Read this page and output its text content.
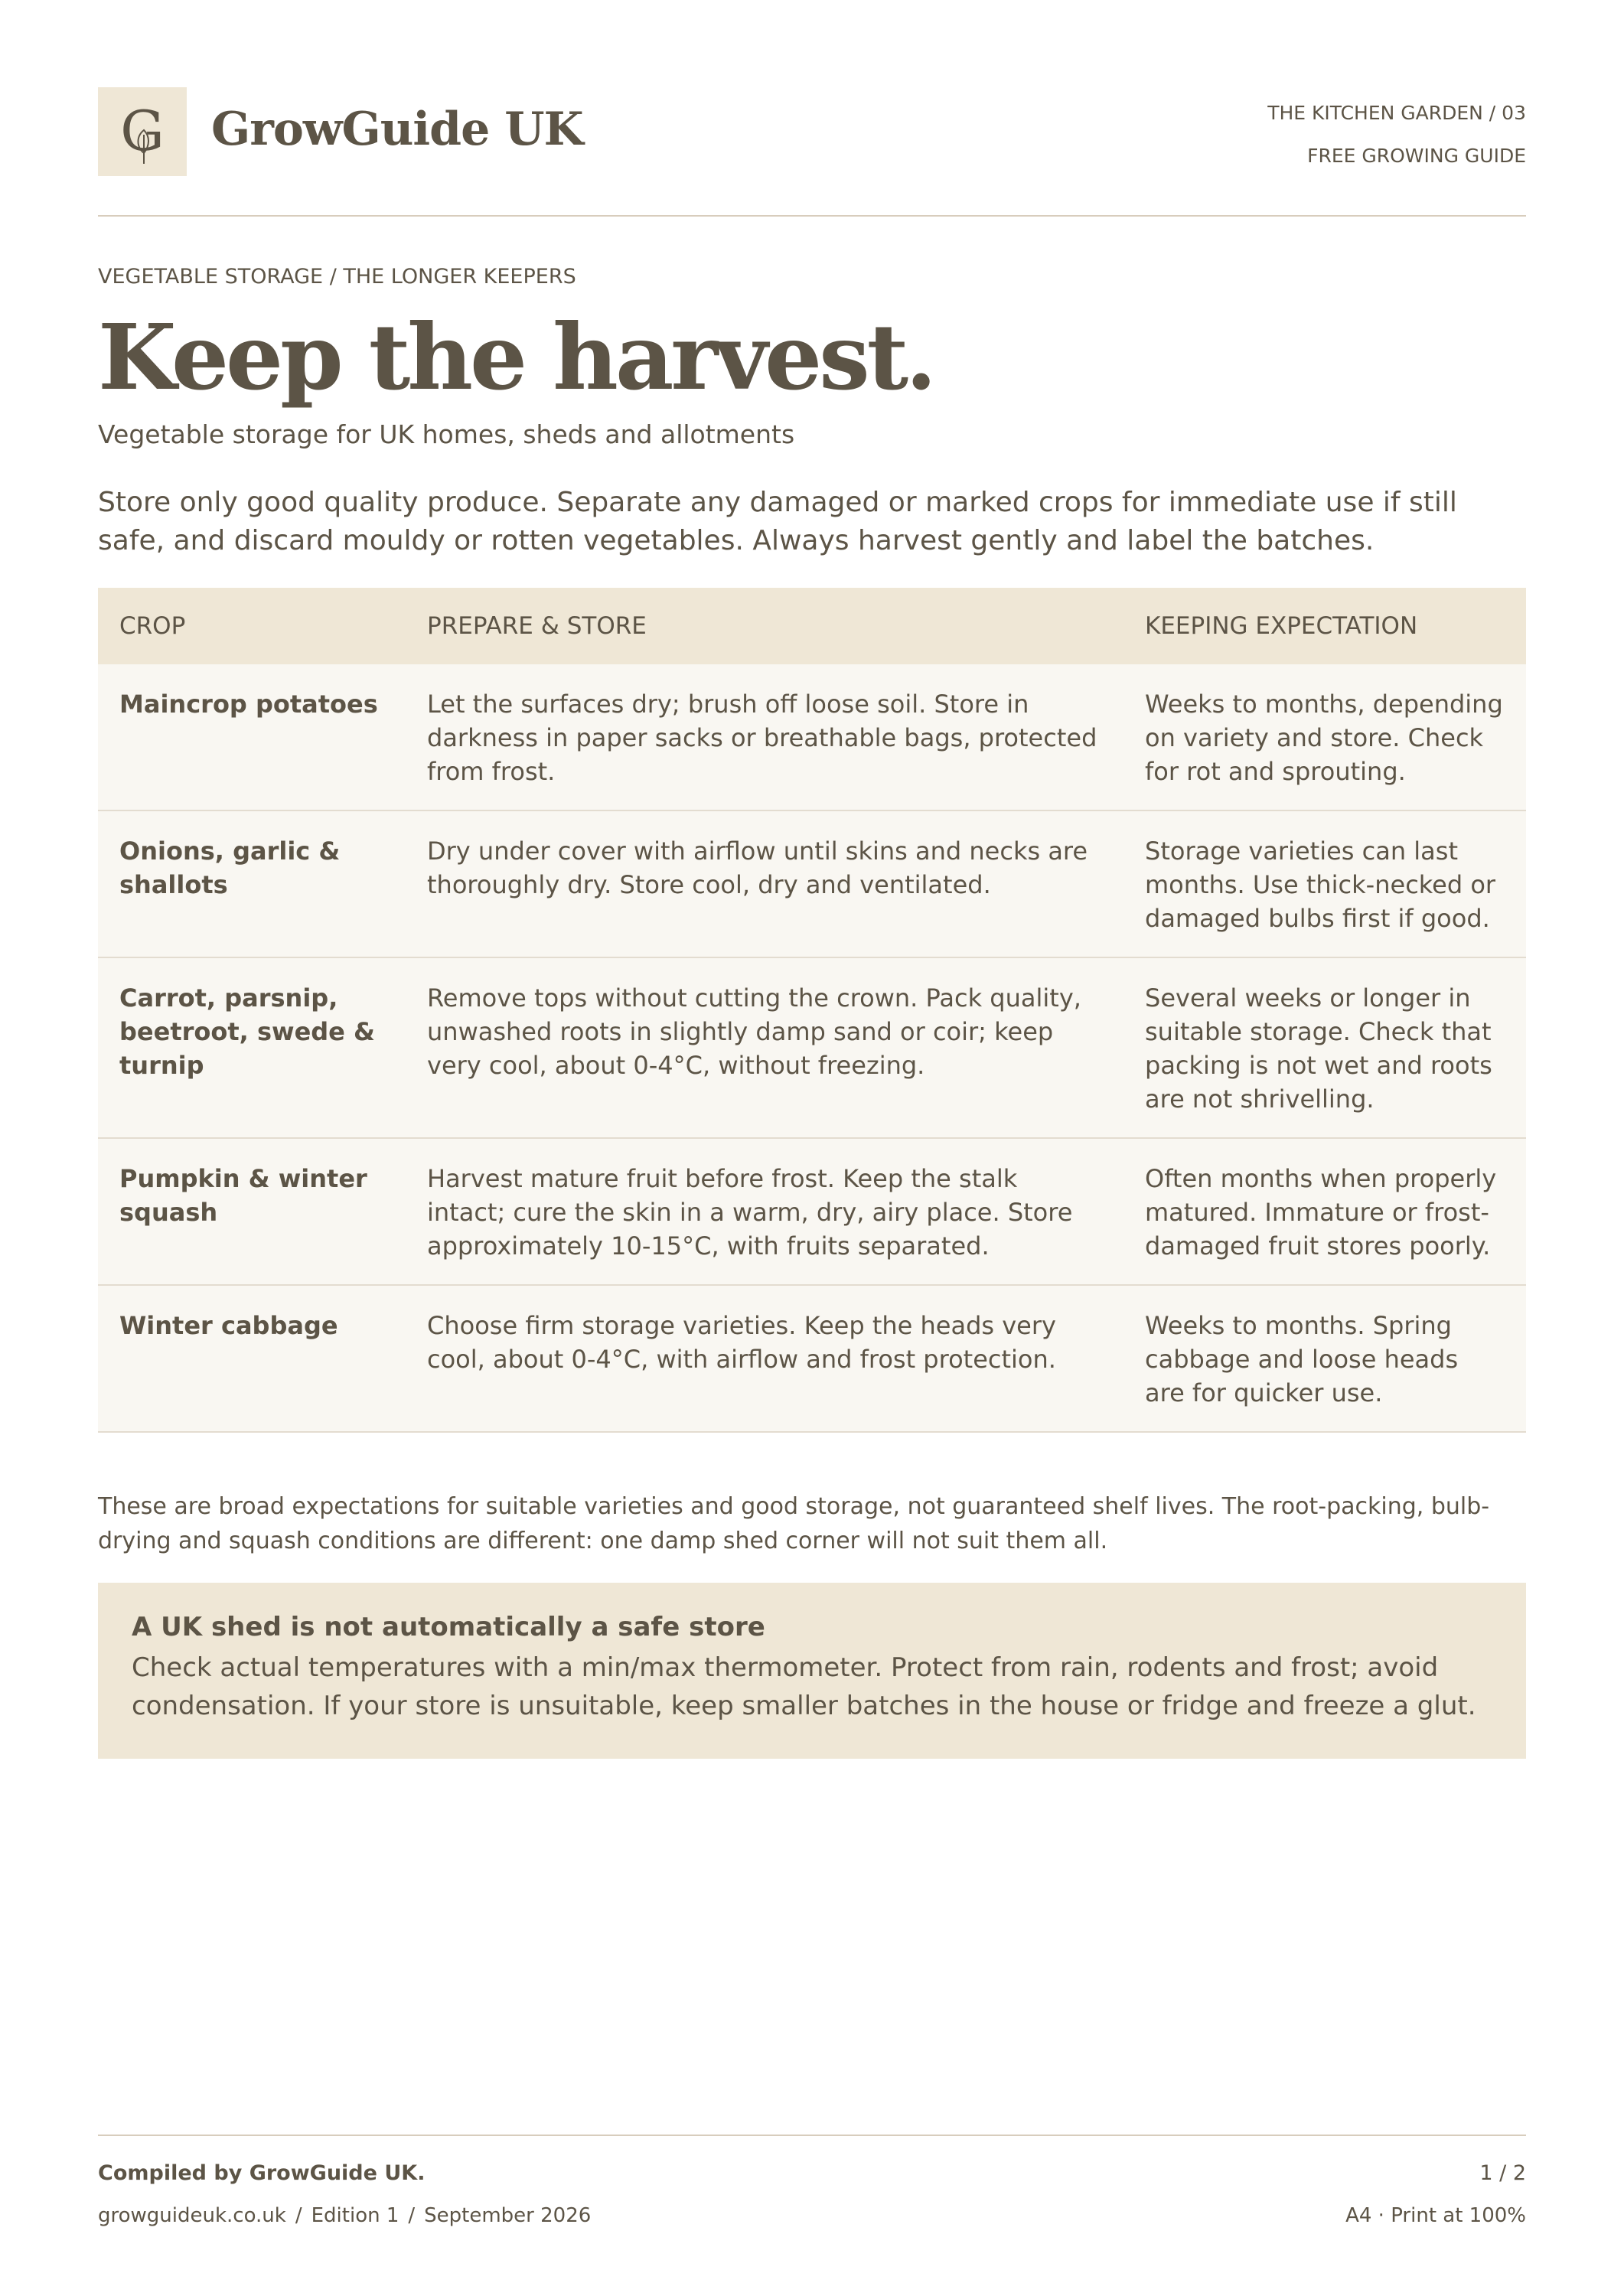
G GrowGuide UK	THE KITCHEN GARDEN / 03
FREE GROWING GUIDE
VEGETABLE STORAGE / THE LONGER KEEPERS
Keep the harvest.
Vegetable storage for UK homes, sheds and allotments
Store only good quality produce. Separate any damaged or marked crops for immediate use if still safe, and discard mouldy or rotten vegetables. Always harvest gently and label the batches.
CROP	PREPARE & STORE	KEEPING EXPECTATION
Maincrop potatoes	Let the surfaces dry; brush off loose soil. Store in darkness in paper sacks or breathable bags, protected from frost.	Weeks to months, depending on variety and store. Check for rot and sprouting.
Onions, garlic & shallots	Dry under cover with airflow until skins and necks are thoroughly dry. Store cool, dry and ventilated.	Storage varieties can last months. Use thick-necked or damaged bulbs first if good.
Carrot, parsnip, beetroot, swede & turnip	Remove tops without cutting the crown. Pack quality, unwashed roots in slightly damp sand or coir; keep very cool, about 0-4°C, without freezing.	Several weeks or longer in suitable storage. Check that packing is not wet and roots are not shrivelling.
Pumpkin & winter squash	Harvest mature fruit before frost. Keep the stalk intact; cure the skin in a warm, dry, airy place. Store approximately 10-15°C, with fruits separated.	Often months when properly matured. Immature or frost-damaged fruit stores poorly.
Winter cabbage	Choose firm storage varieties. Keep the heads very cool, about 0-4°C, with airflow and frost protection.	Weeks to months. Spring cabbage and loose heads are for quicker use.
These are broad expectations for suitable varieties and good storage, not guaranteed shelf lives. The root-packing, bulb-drying and squash conditions are different: one damp shed corner will not suit them all.
A UK shed is not automatically a safe store
Check actual temperatures with a min/max thermometer. Protect from rain, rodents and frost; avoid condensation. If your store is unsuitable, keep smaller batches in the house or fridge and freeze a glut.
Compiled by GrowGuide UK.	1 / 2
growguideuk.co.uk / Edition 1 / September 2026	A4 · Print at 100%
